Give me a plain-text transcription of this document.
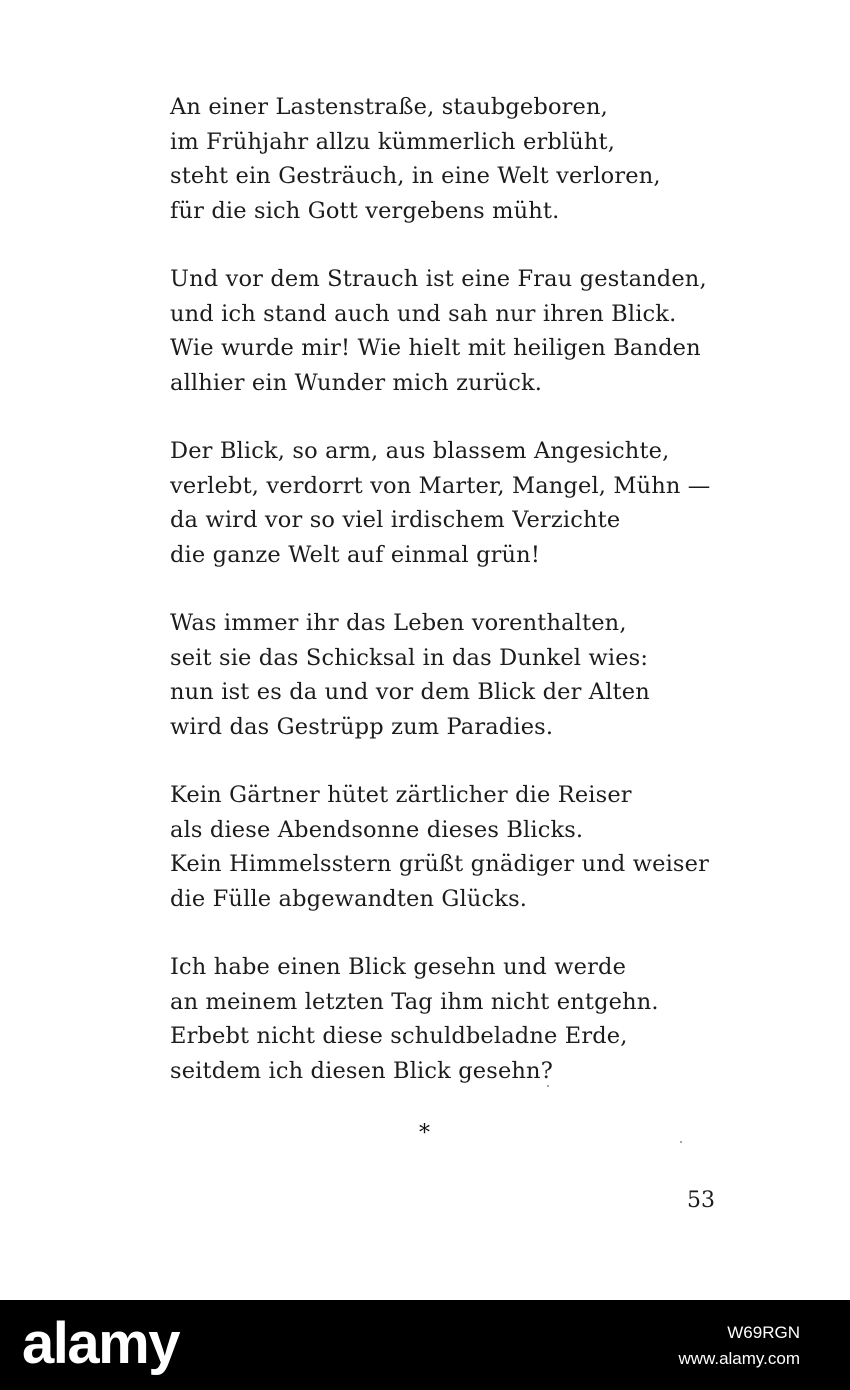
An einer Lastenstraße, staubgeboren,
im Frühjahr allzu kümmerlich erblüht,
steht ein Gesträuch, in eine Welt verloren,
für die sich Gott vergebens müht.
Und vor dem Strauch ist eine Frau gestanden,
und ich stand auch und sah nur ihren Blick.
Wie wurde mir! Wie hielt mit heiligen Banden
allhier ein Wunder mich zurück.
Der Blick, so arm, aus blassem Angesichte,
verlebt, verdorrt von Marter, Mangel, Mühn —
da wird vor so viel irdischem Verzichte
die ganze Welt auf einmal grün!
Was immer ihr das Leben vorenthalten,
seit sie das Schicksal in das Dunkel wies:
nun ist es da und vor dem Blick der Alten
wird das Gestrüpp zum Paradies.
Kein Gärtner hütet zärtlicher die Reiser
als diese Abendsonne dieses Blicks.
Kein Himmelsstern grüßt gnädiger und weiser
die Fülle abgewandten Glücks.
Ich habe einen Blick gesehn und werde
an meinem letzten Tag ihm nicht entgehn.
Erbebt nicht diese schuldbeladne Erde,
seitdem ich diesen Blick gesehn?
*
53
alamy	W69RGN
www.alamy.com
